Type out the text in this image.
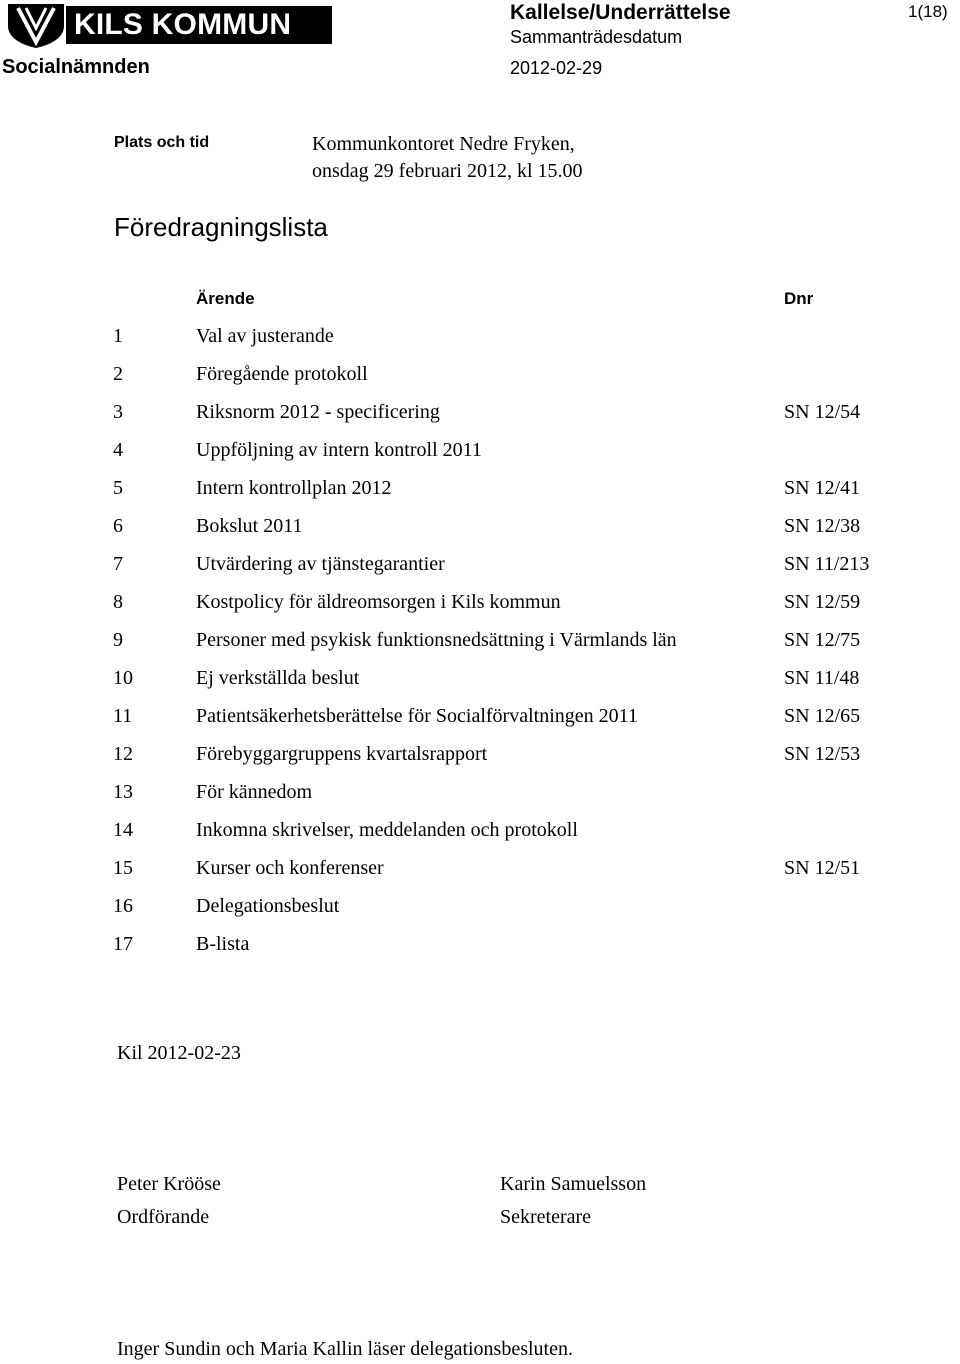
KILS KOMMUN
Socialnämnden
Kallelse/Underrättelse
Sammanträdesdatum
2012-02-29
1(18)
Plats och tid	Kommunkontoret Nedre Fryken,
onsdag 29 februari 2012, kl 15.00
Föredragningslista
Ärende	Dnr
1	Val av justerande
2	Föregående protokoll
3	Riksnorm 2012 - specificering	SN 12/54
4	Uppföljning av intern kontroll 2011
5	Intern kontrollplan 2012	SN 12/41
6	Bokslut 2011	SN 12/38
7	Utvärdering av tjänstegarantier	SN 11/213
8	Kostpolicy för äldreomsorgen i Kils kommun	SN 12/59
9	Personer med psykisk funktionsnedsättning i Värmlands län	SN 12/75
10	Ej verkställda beslut	SN 11/48
11	Patientsäkerhetsberättelse för Socialförvaltningen 2011	SN 12/65
12	Förebyggargruppens kvartalsrapport	SN 12/53
13	För kännedom
14	Inkomna skrivelser, meddelanden och protokoll
15	Kurser och konferenser	SN 12/51
16	Delegationsbeslut
17	B-lista
Kil 2012-02-23
Peter Krööse
Ordförande
Karin Samuelsson
Sekreterare
Inger Sundin och Maria Kallin läser delegationsbesluten.
